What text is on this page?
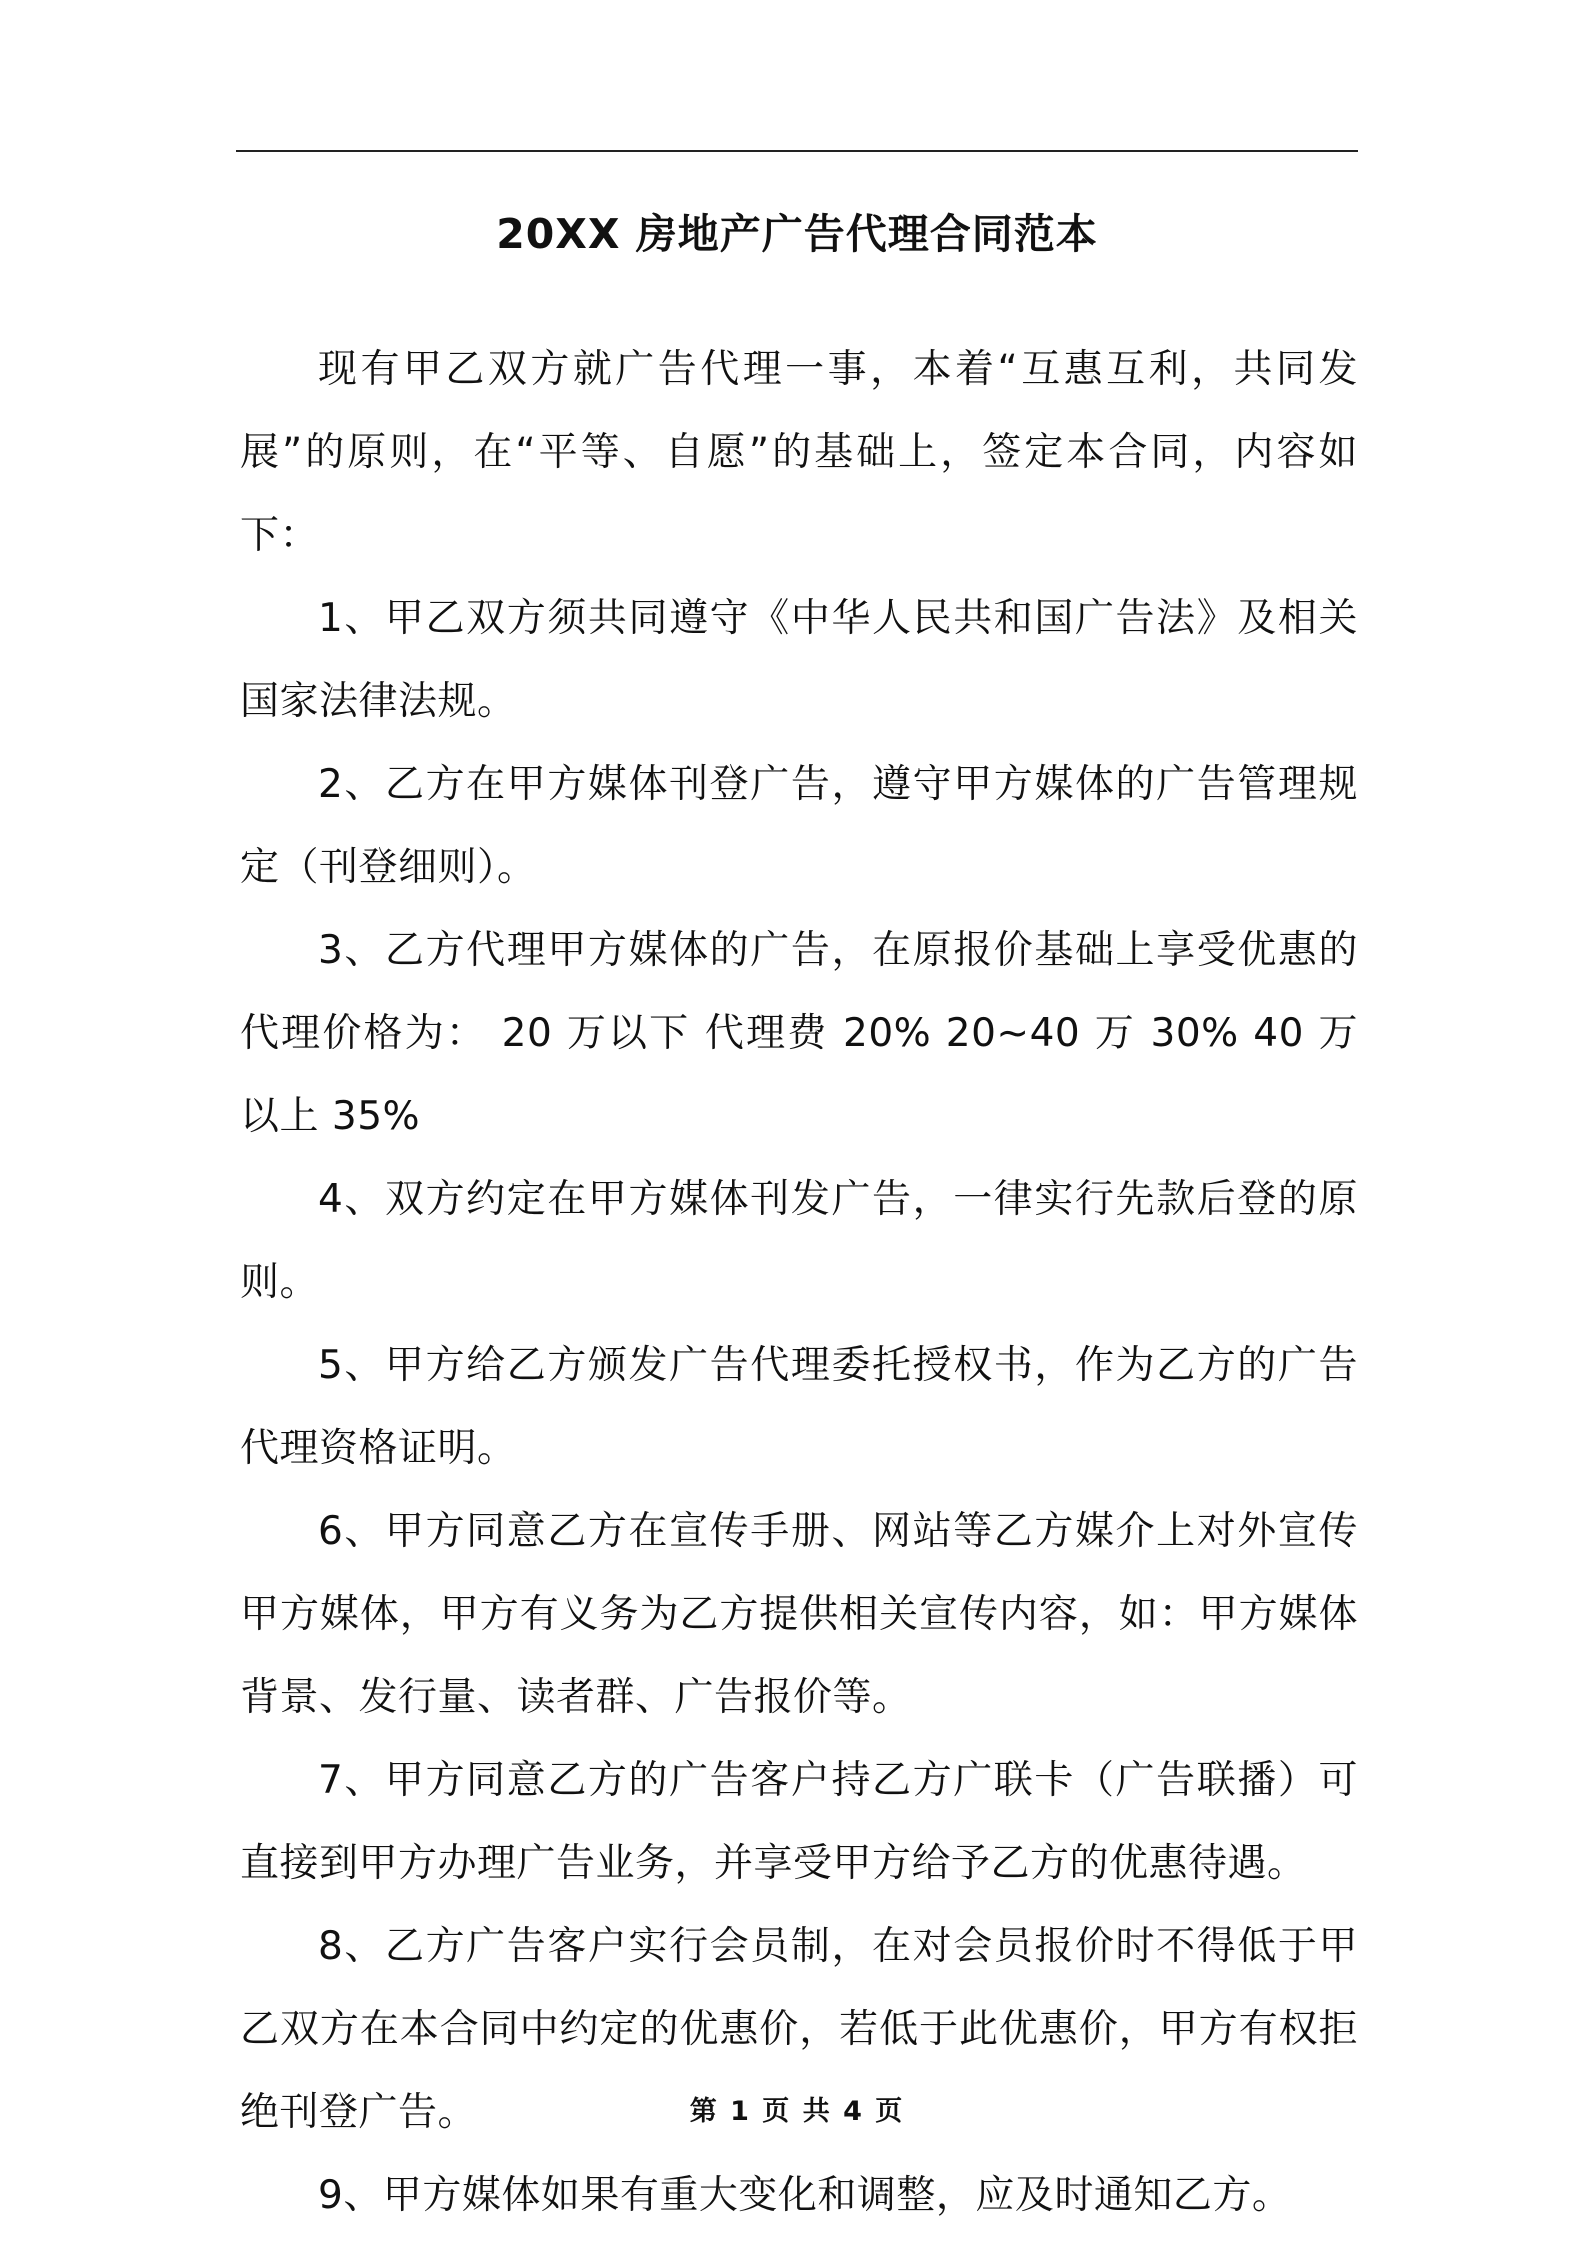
20XX 房地产广告代理合同范本

现有甲乙双方就广告代理一事，本着“互惠互利，共同发展”的原则，在“平等、自愿”的基础上，签定本合同，内容如下：

1、甲乙双方须共同遵守《中华人民共和国广告法》及相关国家法律法规。

2、乙方在甲方媒体刊登广告，遵守甲方媒体的广告管理规定（刊登细则）。

3、乙方代理甲方媒体的广告，在原报价基础上享受优惠的代理价格为： 20 万以下 代理费 20% 20~40 万 30% 40 万以上 35%

4、双方约定在甲方媒体刊发广告，一律实行先款后登的原则。

5、甲方给乙方颁发广告代理委托授权书，作为乙方的广告代理资格证明。

6、甲方同意乙方在宣传手册、网站等乙方媒介上对外宣传甲方媒体，甲方有义务为乙方提供相关宣传内容，如：甲方媒体背景、发行量、读者群、广告报价等。

7、甲方同意乙方的广告客户持乙方广联卡（广告联播）可直接到甲方办理广告业务，并享受甲方给予乙方的优惠待遇。

8、乙方广告客户实行会员制，在对会员报价时不得低于甲乙双方在本合同中约定的优惠价，若低于此优惠价，甲方有权拒绝刊登广告。

9、甲方媒体如果有重大变化和调整，应及时通知乙方。

第 1 页 共 4 页
